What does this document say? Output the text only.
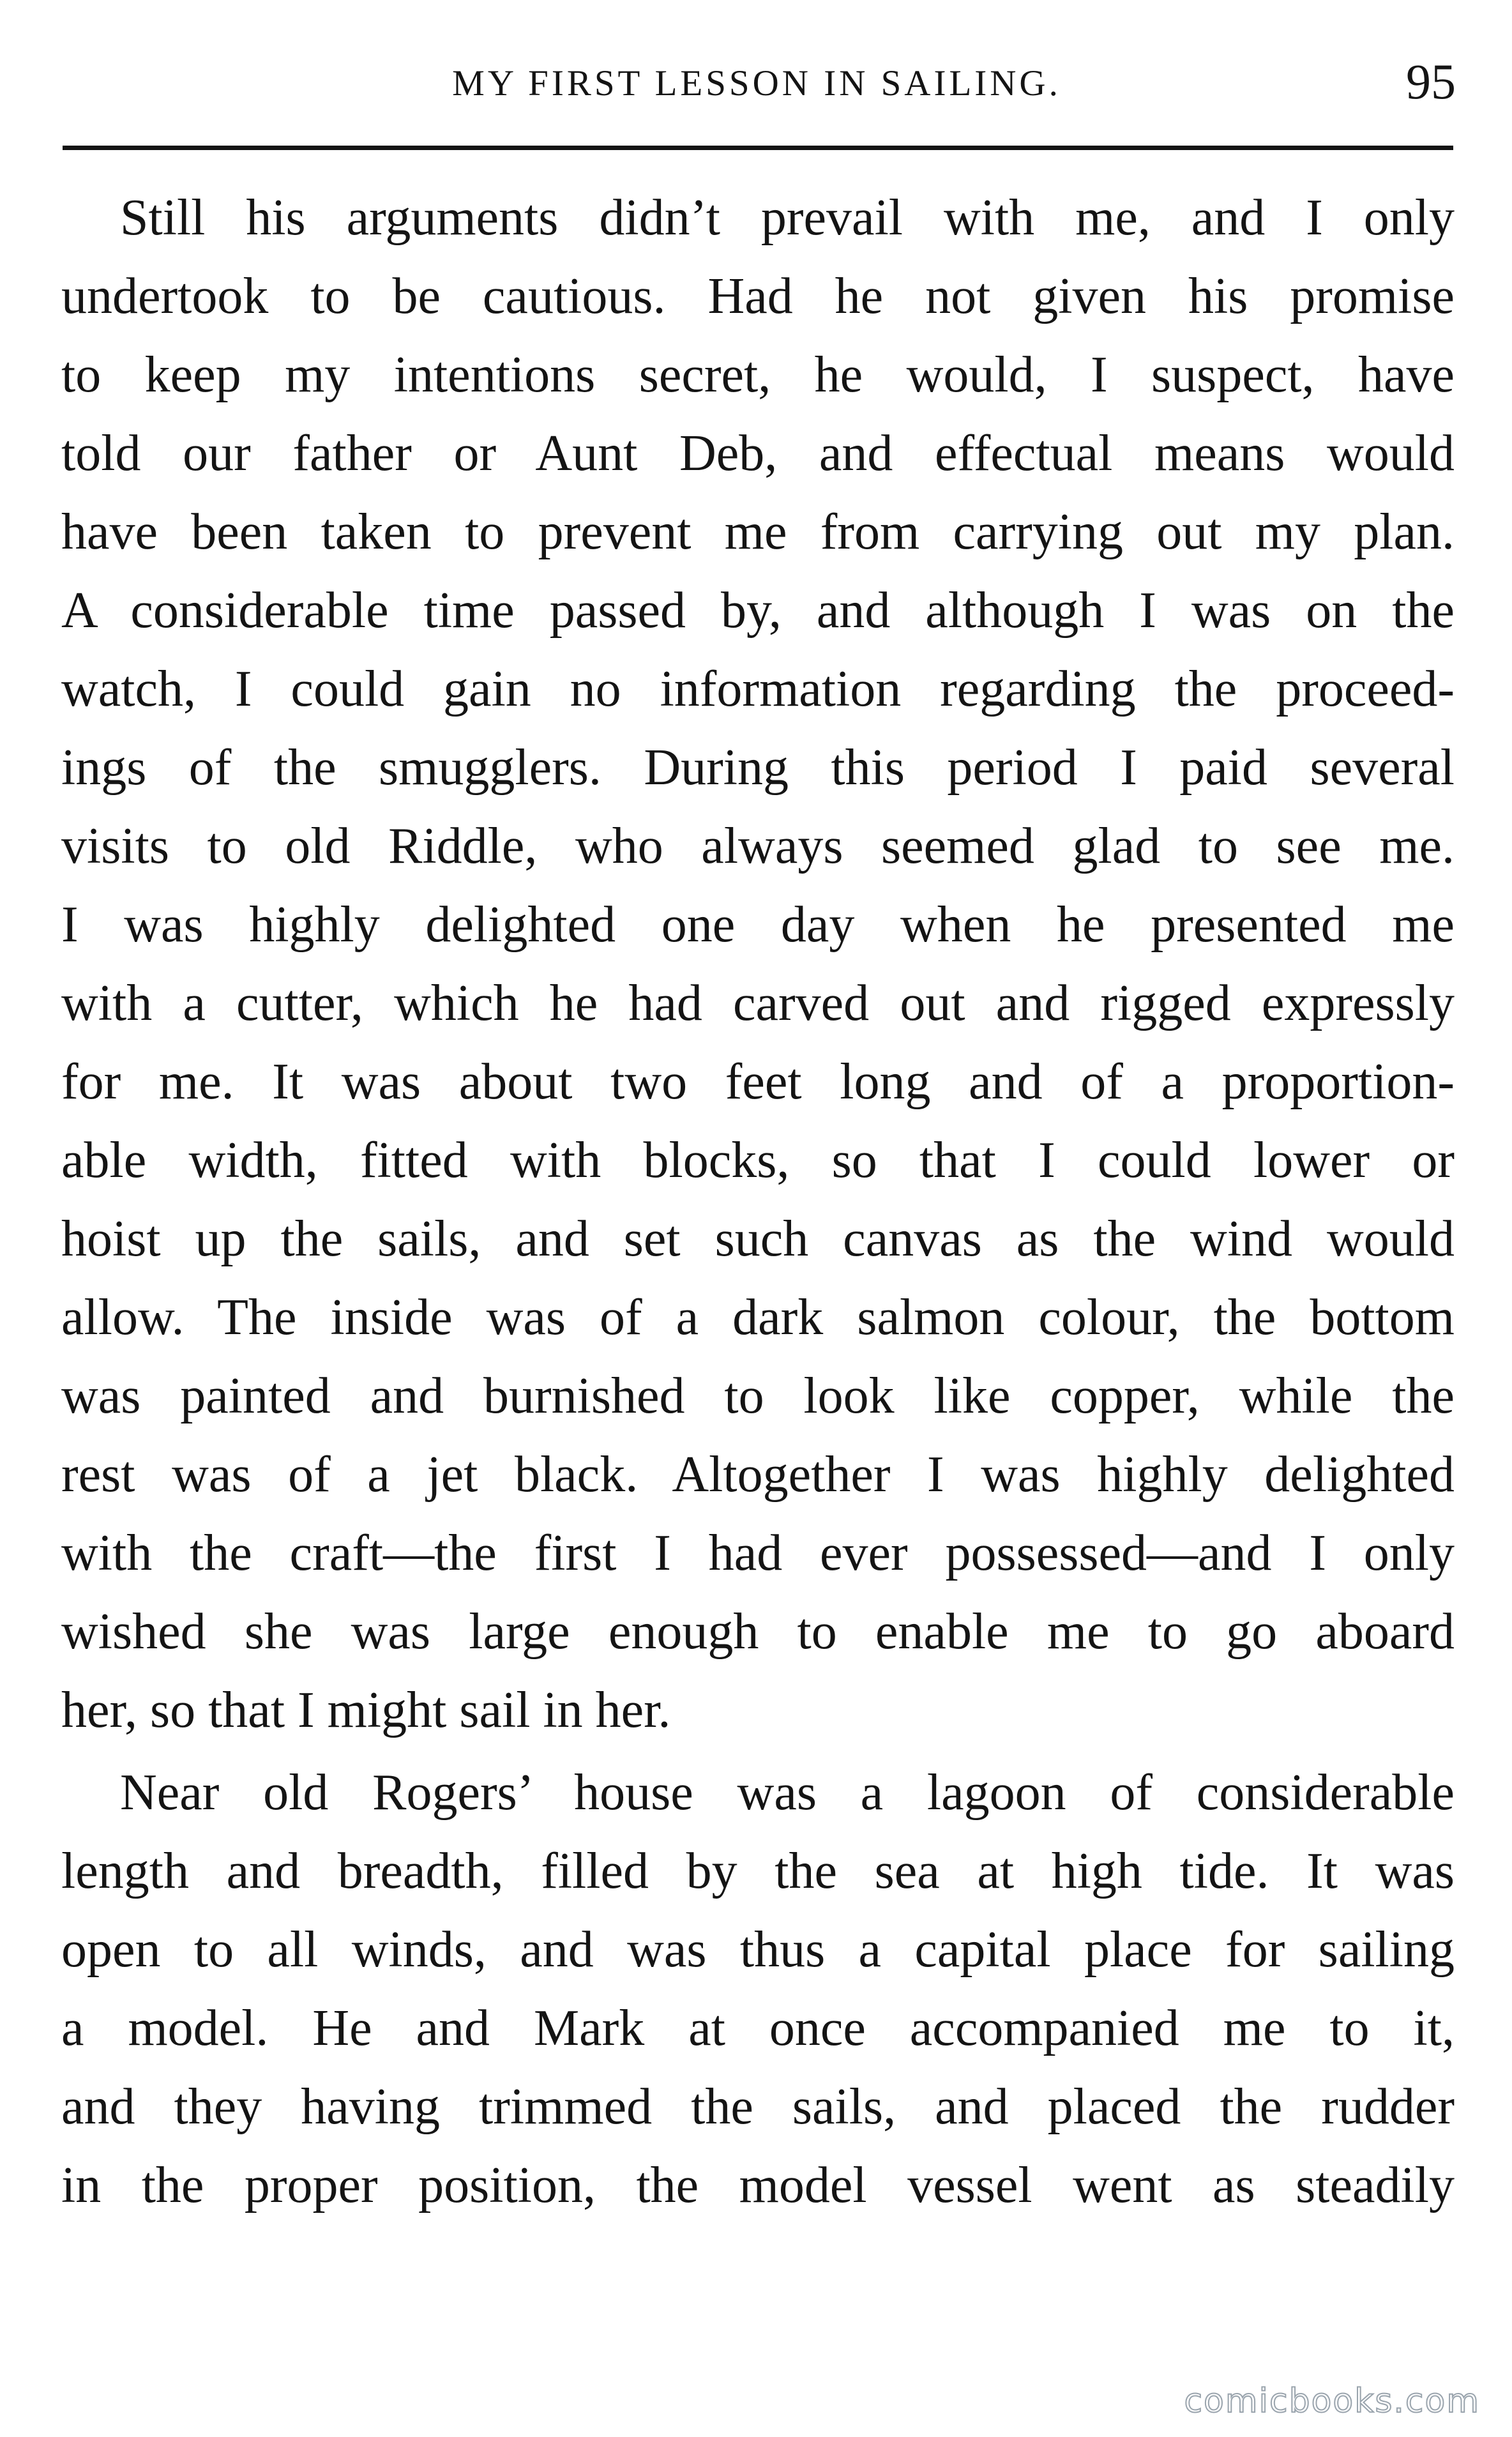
MY FIRST LESSON IN SAILING.	95

Still his arguments didn’t prevail with me, and I only
undertook to be cautious. Had he not given his promise
to keep my intentions secret, he would, I suspect, have
told our father or Aunt Deb, and effectual means would
have been taken to prevent me from carrying out my plan.
A considerable time passed by, and although I was on the
watch, I could gain no information regarding the proceed-
ings of the smugglers. During this period I paid several
visits to old Riddle, who always seemed glad to see me.
I was highly delighted one day when he presented me
with a cutter, which he had carved out and rigged expressly
for me. It was about two feet long and of a proportion-
able width, fitted with blocks, so that I could lower or
hoist up the sails, and set such canvas as the wind would
allow. The inside was of a dark salmon colour, the bottom
was painted and burnished to look like copper, while the
rest was of a jet black. Altogether I was highly delighted
with the craft—the first I had ever possessed—and I only
wished she was large enough to enable me to go aboard
her, so that I might sail in her.

Near old Rogers’ house was a lagoon of considerable
length and breadth, filled by the sea at high tide. It was
open to all winds, and was thus a capital place for sailing
a model. He and Mark at once accompanied me to it,
and they having trimmed the sails, and placed the rudder
in the proper position, the model vessel went as steadily

comicbooks.com
